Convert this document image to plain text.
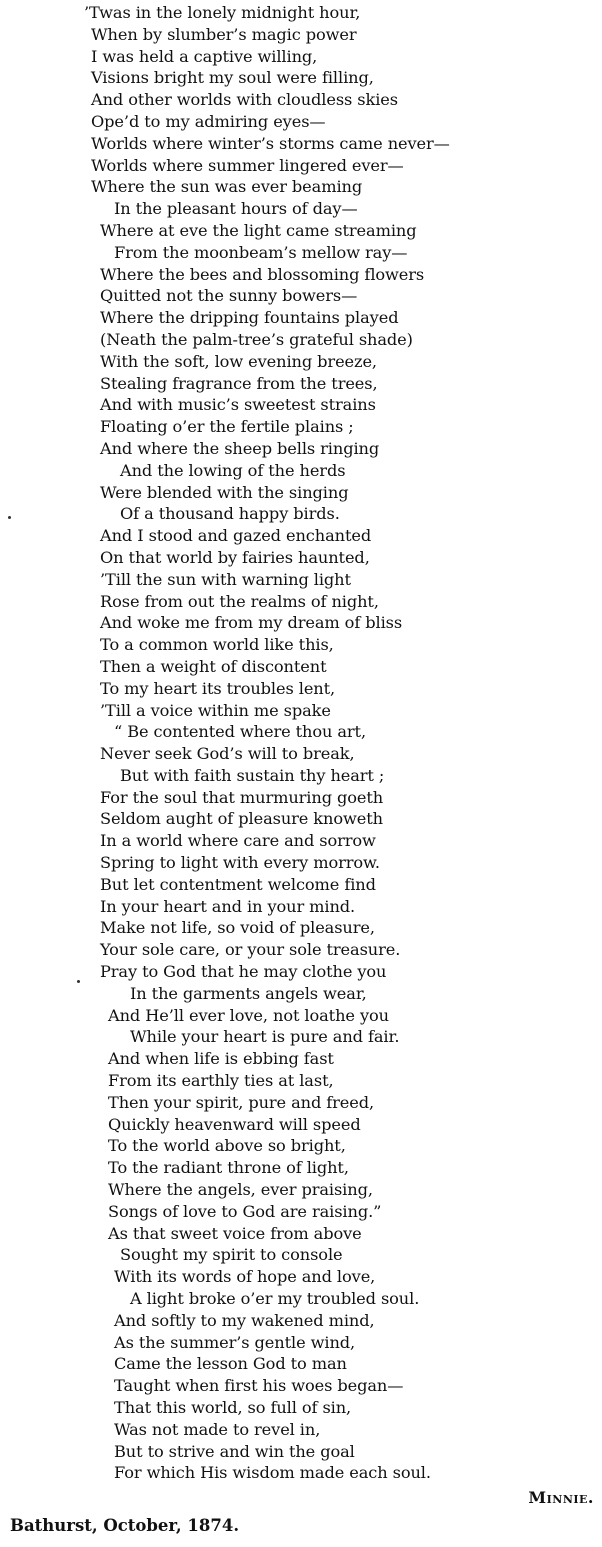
’Twas in the lonely midnight hour,
When by slumber’s magic power
I was held a captive willing,
Visions bright my soul were filling,
And other worlds with cloudless skies
Ope’d to my admiring eyes—
Worlds where winter’s storms came never—
Worlds where summer lingered ever—
Where the sun was ever beaming
In the pleasant hours of day—
Where at eve the light came streaming
From the moonbeam’s mellow ray—
Where the bees and blossoming flowers
Quitted not the sunny bowers—
Where the dripping fountains played
(Neath the palm-tree’s grateful shade)
With the soft, low evening breeze,
Stealing fragrance from the trees,
And with music’s sweetest strains
Floating o’er the fertile plains ;
And where the sheep bells ringing
And the lowing of the herds
Were blended with the singing
Of a thousand happy birds.
And I stood and gazed enchanted
On that world by fairies haunted,
’Till the sun with warning light
Rose from out the realms of night,
And woke me from my dream of bliss
To a common world like this,
Then a weight of discontent
To my heart its troubles lent,
’Till a voice within me spake
“ Be contented where thou art,
Never seek God’s will to break,
But with faith sustain thy heart ;
For the soul that murmuring goeth
Seldom aught of pleasure knoweth
In a world where care and sorrow
Spring to light with every morrow.
But let contentment welcome find
In your heart and in your mind.
Make not life, so void of pleasure,
Your sole care, or your sole treasure.
Pray to God that he may clothe you
In the garments angels wear,
And He’ll ever love, not loathe you
While your heart is pure and fair.
And when life is ebbing fast
From its earthly ties at last,
Then your spirit, pure and freed,
Quickly heavenward will speed
To the world above so bright,
To the radiant throne of light,
Where the angels, ever praising,
Songs of love to God are raising.”
As that sweet voice from above
Sought my spirit to console
With its words of hope and love,
A light broke o’er my troubled soul.
And softly to my wakened mind,
As the summer’s gentle wind,
Came the lesson God to man
Taught when first his woes began—
That this world, so full of sin,
Was not made to revel in,
But to strive and win the goal
For which His wisdom made each soul.
Minnie.
Bathurst, October, 1874.
